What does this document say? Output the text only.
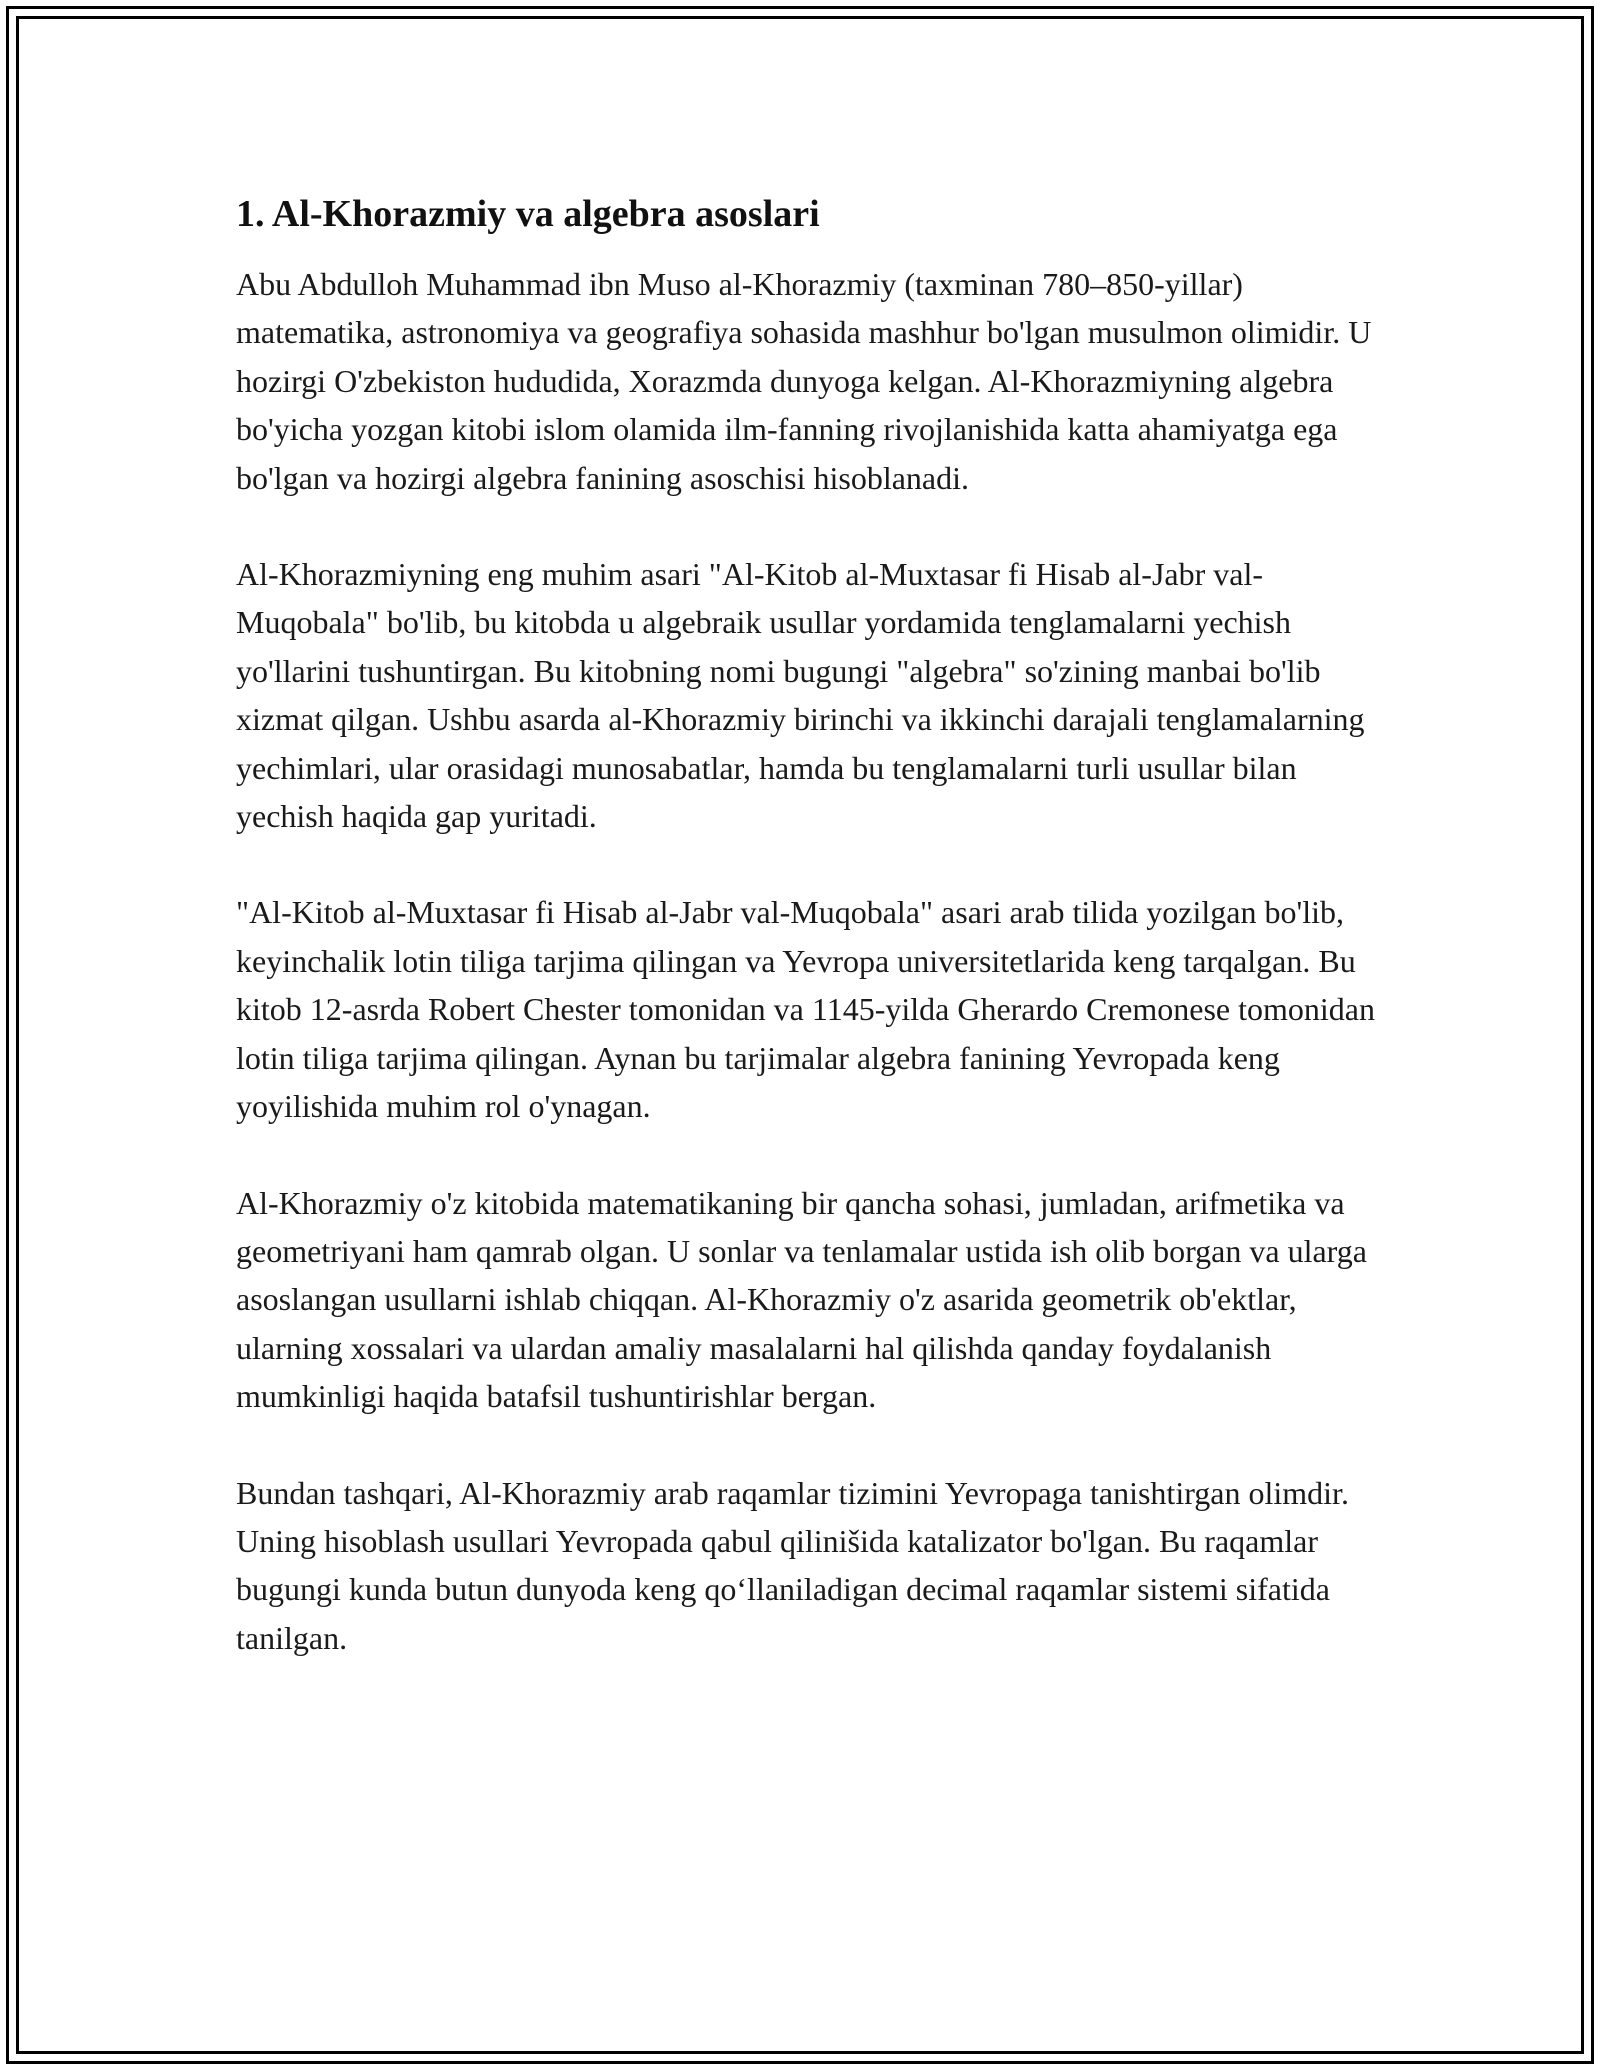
1. Al-Khorazmiy va algebra asoslari

Abu Abdulloh Muhammad ibn Muso al-Khorazmiy (taxminan 780–850-yillar) matematika, astronomiya va geografiya sohasida mashhur bo'lgan musulmon olimidir. U hozirgi O'zbekiston hududida, Xorazmda dunyoga kelgan. Al-Khorazmiyning algebra bo'yicha yozgan kitobi islom olamida ilm-fanning rivojlanishida katta ahamiyatga ega bo'lgan va hozirgi algebra fanining asoschisi hisoblanadi.

Al-Khorazmiyning eng muhim asari "Al-Kitob al-Muxtasar fi Hisab al-Jabr val-Muqobala" bo'lib, bu kitobda u algebraik usullar yordamida tenglamalarni yechish yo'llarini tushuntirgan. Bu kitobning nomi bugungi "algebra" so'zining manbai bo'lib xizmat qilgan. Ushbu asarda al-Khorazmiy birinchi va ikkinchi darajali tenglamalarning yechimlari, ular orasidagi munosabatlar, hamda bu tenglamalarni turli usullar bilan yechish haqida gap yuritadi.

"Al-Kitob al-Muxtasar fi Hisab al-Jabr val-Muqobala" asari arab tilida yozilgan bo'lib, keyinchalik lotin tiliga tarjima qilingan va Yevropa universitetlarida keng tarqalgan. Bu kitob 12-asrda Robert Chester tomonidan va 1145-yilda Gherardo Cremonese tomonidan lotin tiliga tarjima qilingan. Aynan bu tarjimalar algebra fanining Yevropada keng yoyilishida muhim rol o'ynagan.

Al-Khorazmiy o'z kitobida matematikaning bir qancha sohasi, jumladan, arifmetika va geometriyani ham qamrab olgan. U sonlar va tenlamalar ustida ish olib borgan va ularga asoslangan usullarni ishlab chiqqan. Al-Khorazmiy o'z asarida geometrik ob'ektlar, ularning xossalari va ulardan amaliy masalalarni hal qilishda qanday foydalanish mumkinligi haqida batafsil tushuntirishlar bergan.

Bundan tashqari, Al-Khorazmiy arab raqamlar tizimini Yevropaga tanishtirgan olimdir. Uning hisoblash usullari Yevropada qabul qilinišida katalizator bo'lgan. Bu raqamlar bugungi kunda butun dunyoda keng qo‘llaniladigan decimal raqamlar sistemi sifatida tanilgan.
